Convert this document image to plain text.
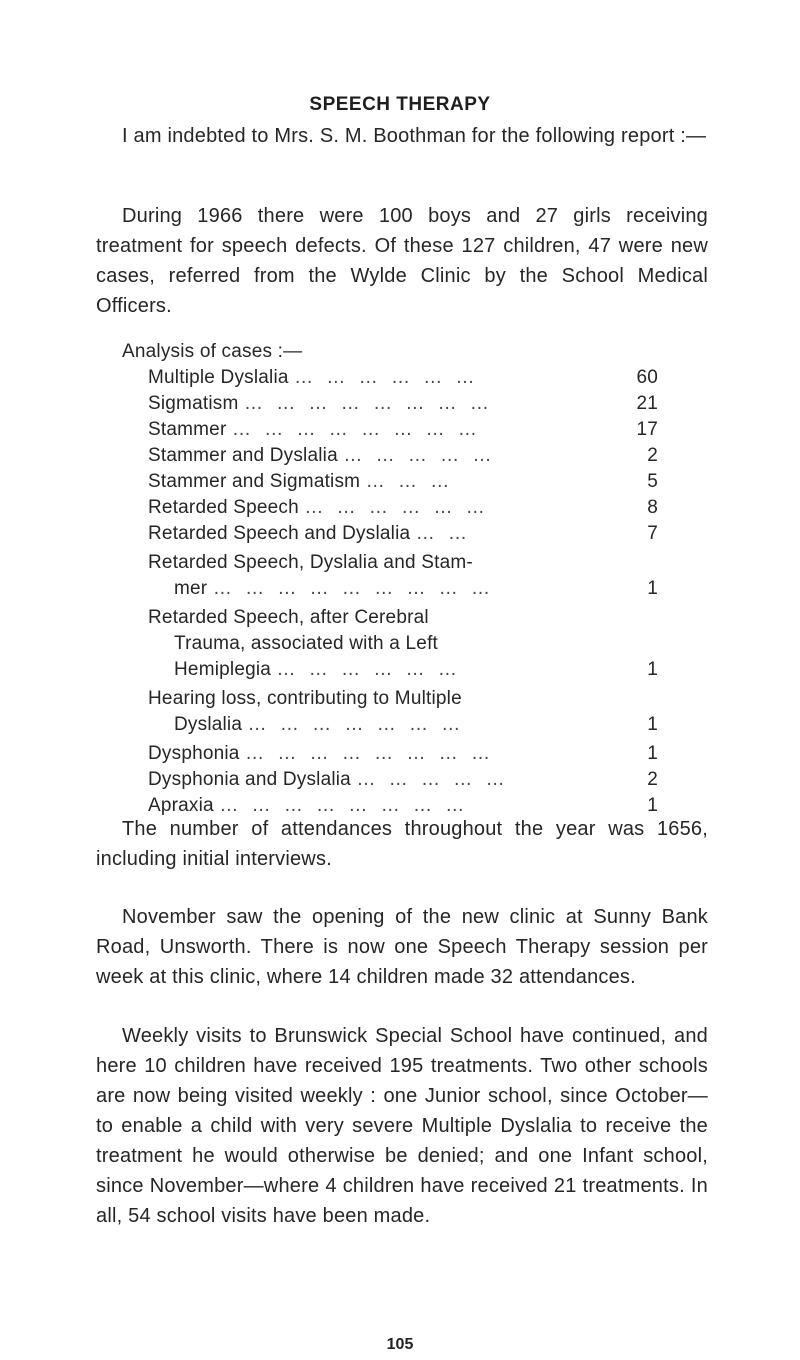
SPEECH THERAPY

I am indebted to Mrs. S. M. Boothman for the following report :—

During 1966 there were 100 boys and 27 girls receiving treatment for speech defects. Of these 127 children, 47 were new cases, referred from the Wylde Clinic by the School Medical Officers.

Analysis of cases :—
Multiple Dyslalia … … … … … …	60
Sigmatism … … … … … … … …	21
Stammer … … … … … … … …	17
Stammer and Dyslalia … … … … …	2
Stammer and Sigmatism … … …	5
Retarded Speech … … … … … …	8
Retarded Speech and Dyslalia … …	7
Retarded Speech, Dyslalia and Stam-
mer … … … … … … … … …	1
Retarded Speech, after Cerebral
Trauma, associated with a Left
Hemiplegia … … … … … …	1
Hearing loss, contributing to Multiple
Dyslalia … … … … … … …	1
Dysphonia … … … … … … … …	1
Dysphonia and Dyslalia … … … … …	2
Apraxia … … … … … … … …	1

The number of attendances throughout the year was 1656, including initial interviews.

November saw the opening of the new clinic at Sunny Bank Road, Unsworth. There is now one Speech Therapy session per week at this clinic, where 14 children made 32 attendances.

Weekly visits to Brunswick Special School have continued, and here 10 children have received 195 treatments. Two other schools are now being visited weekly : one Junior school, since October—to enable a child with very severe Multiple Dyslalia to receive the treatment he would otherwise be denied; and one Infant school, since November—where 4 children have received 21 treatments. In all, 54 school visits have been made.

105
